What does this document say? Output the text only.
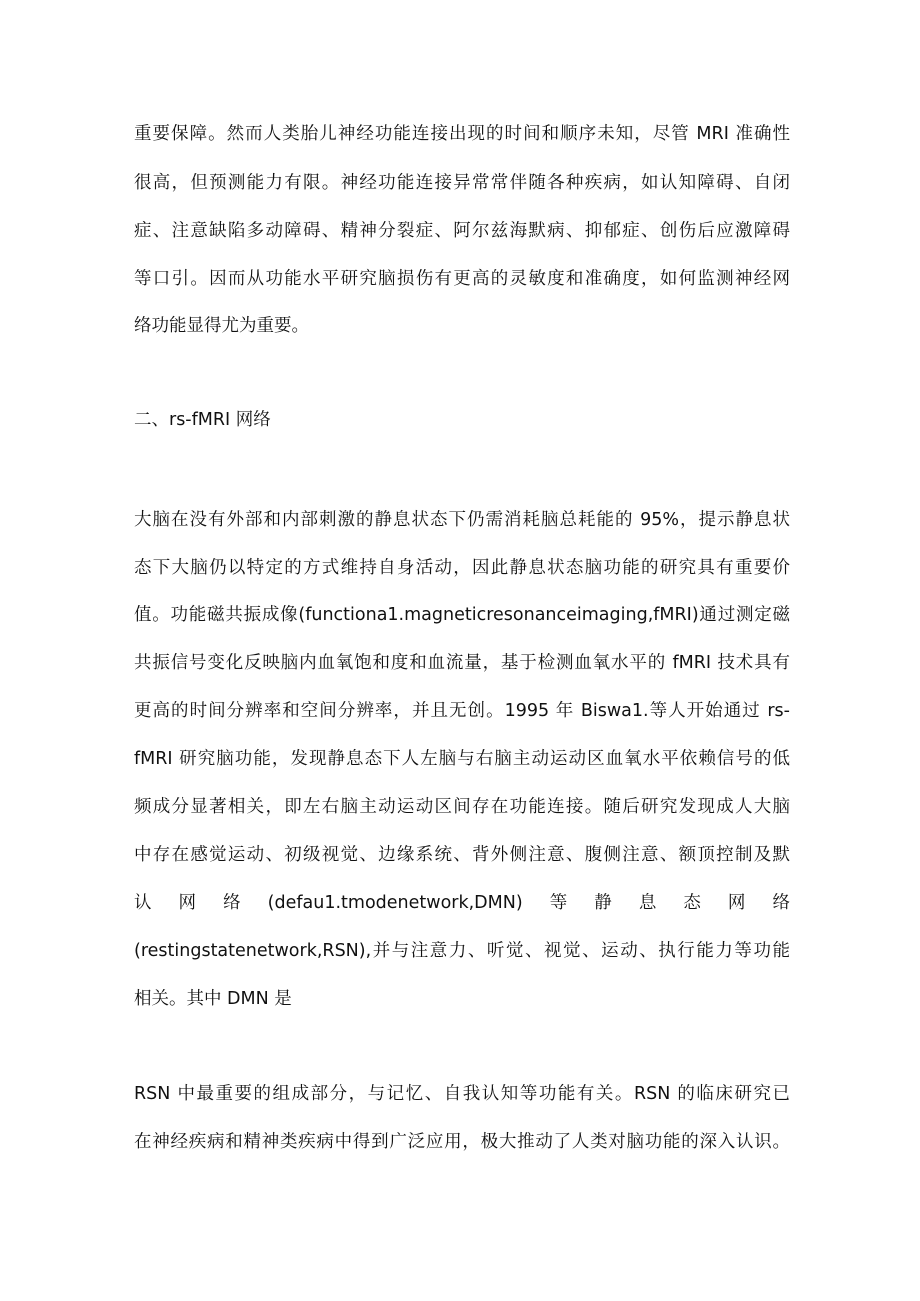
重要保障。然而人类胎儿神经功能连接出现的时间和顺序未知，尽管 MRI 准确性
很高，但预测能力有限。神经功能连接异常常伴随各种疾病，如认知障碍、自闭
症、注意缺陷多动障碍、精神分裂症、阿尔兹海默病、抑郁症、创伤后应激障碍
等口引。因而从功能水平研究脑损伤有更高的灵敏度和准确度，如何监测神经网
络功能显得尤为重要。
二、rs-fMRI 网络
大脑在没有外部和内部刺激的静息状态下仍需消耗脑总耗能的 95%，提示静息状
态下大脑仍以特定的方式维持自身活动，因此静息状态脑功能的研究具有重要价
值。功能磁共振成像(functiona1.magneticresonanceimaging,fMRI)通过测定磁
共振信号变化反映脑内血氧饱和度和血流量，基于检测血氧水平的 fMRI 技术具有
更高的时间分辨率和空间分辨率，并且无创。1995 年 Biswa1.等人开始通过 rs-
fMRI 研究脑功能，发现静息态下人左脑与右脑主动运动区血氧水平依赖信号的低
频成分显著相关，即左右脑主动运动区间存在功能连接。随后研究发现成人大脑
中存在感觉运动、初级视觉、边缘系统、背外侧注意、腹侧注意、额顶控制及默
认　网　络　(defau1.tmodenetwork,DMN)　等　静　息　态　网　络
(restingstatenetwork,RSN),并与注意力、听觉、视觉、运动、执行能力等功能
相关。其中 DMN 是
RSN 中最重要的组成部分，与记忆、自我认知等功能有关。RSN 的临床研究已
在神经疾病和精神类疾病中得到广泛应用，极大推动了人类对脑功能的深入认识。
